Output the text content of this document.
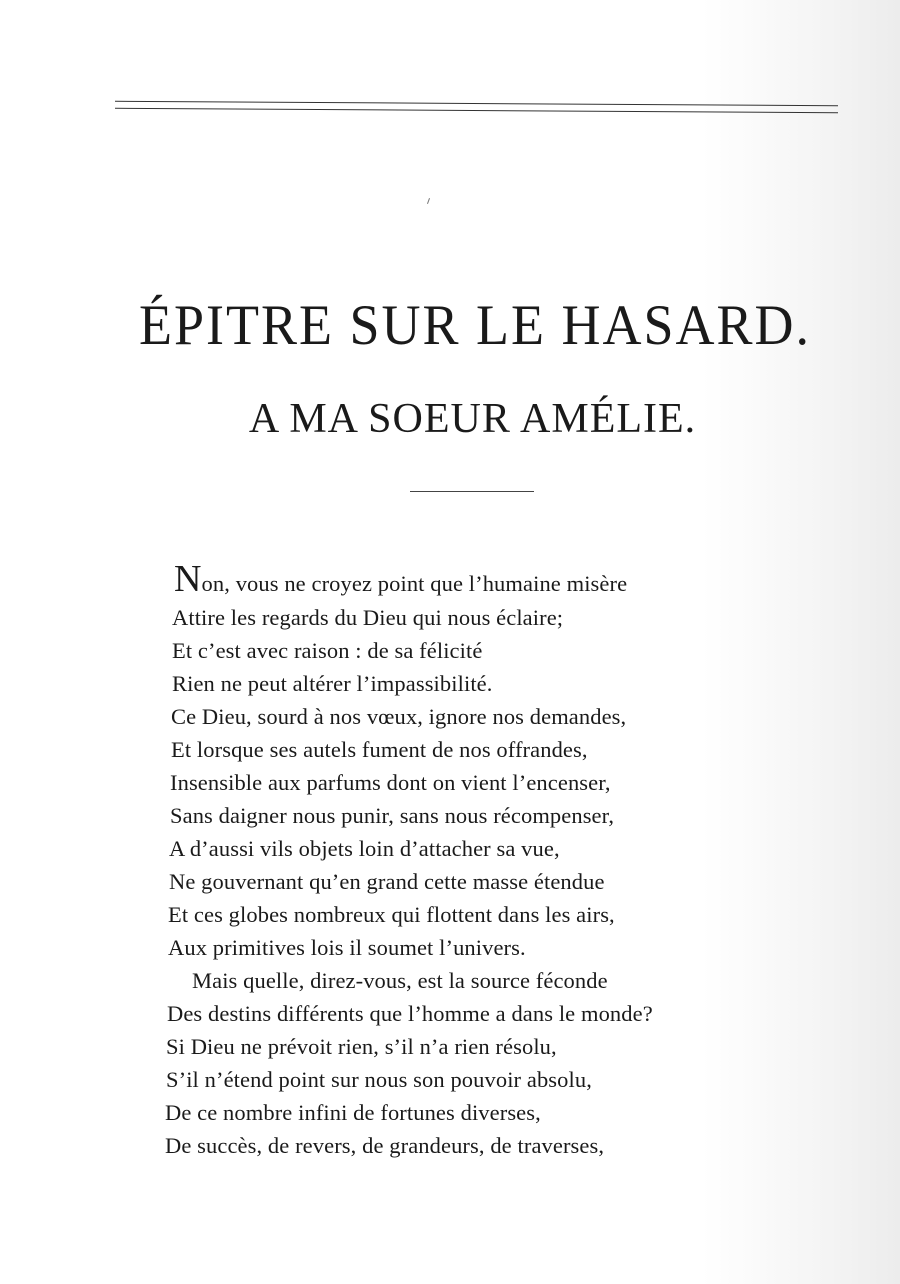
ÉPITRE SUR LE HASARD.
A MA SOEUR AMÉLIE.
Non, vous ne croyez point que l’humaine misère
Attire les regards du Dieu qui nous éclaire;
Et c’est avec raison : de sa félicité
Rien ne peut altérer l’impassibilité.
Ce Dieu, sourd à nos vœux, ignore nos demandes,
Et lorsque ses autels fument de nos offrandes,
Insensible aux parfums dont on vient l’encenser,
Sans daigner nous punir, sans nous récompenser,
A d’aussi vils objets loin d’attacher sa vue,
Ne gouvernant qu’en grand cette masse étendue
Et ces globes nombreux qui flottent dans les airs,
Aux primitives lois il soumet l’univers.
Mais quelle, direz-vous, est la source féconde
Des destins différents que l’homme a dans le monde?
Si Dieu ne prévoit rien, s’il n’a rien résolu,
S’il n’étend point sur nous son pouvoir absolu,
De ce nombre infini de fortunes diverses,
De succès, de revers, de grandeurs, de traverses,
